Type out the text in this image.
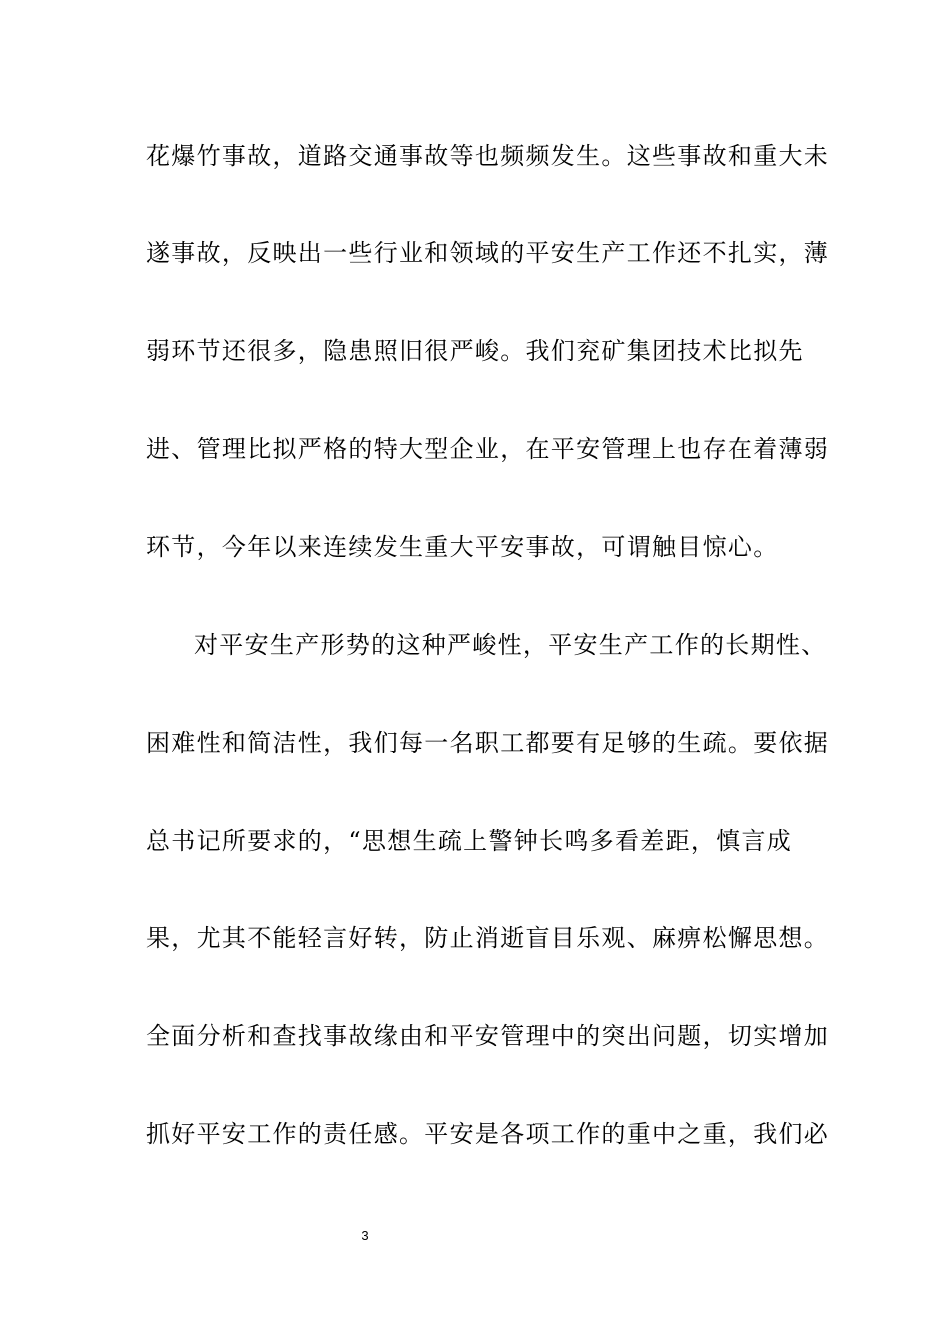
花爆竹事故，道路交通事故等也频频发生。这些事故和重大未
遂事故，反映出一些行业和领域的平安生产工作还不扎实，薄
弱环节还很多，隐患照旧很严峻。我们兖矿集团技术比拟先
进、管理比拟严格的特大型企业，在平安管理上也存在着薄弱
环节，今年以来连续发生重大平安事故，可谓触目惊心。
对平安生产形势的这种严峻性，平安生产工作的长期性、
困难性和简洁性，我们每一名职工都要有足够的生疏。要依据
总书记所要求的，“思想生疏上警钟长鸣多看差距，慎言成
果，尤其不能轻言好转，防止消逝盲目乐观、麻痹松懈思想。
全面分析和查找事故缘由和平安管理中的突出问题，切实增加
抓好平安工作的责任感。平安是各项工作的重中之重，我们必
3
